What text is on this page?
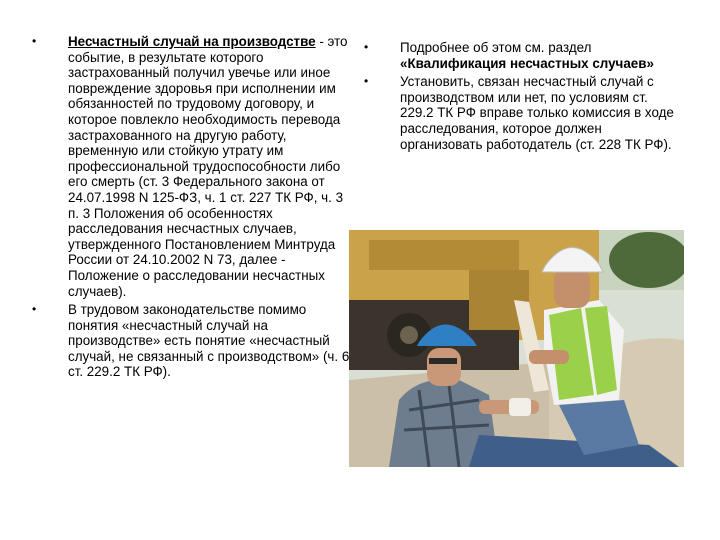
• Несчастный случай на производстве - это событие, в результате которого застрахованный получил увечье или иное повреждение здоровья при исполнении им обязанностей по трудовому договору, и которое повлекло необходимость перевода застрахованного на другую работу, временную или стойкую утрату им профессиональной трудоспособности либо его смерть (ст. 3 Федерального закона от 24.07.1998 N 125-ФЗ, ч. 1 ст. 227 ТК РФ, ч. 3 п. 3 Положения об особенностях расследования несчастных случаев, утвержденного Постановлением Минтруда России от 24.10.2002 N 73, далее - Положение о расследовании несчастных случаев).

• В трудовом законодательстве помимо понятия «несчастный случай на производстве» есть понятие «несчастный случай, не связанный с производством» (ч. 6 ст. 229.2 ТК РФ).

• Подробнее об этом см. раздел «Квалификация несчастных случаев»

• Установить, связан несчастный случай с производством или нет, по условиям ст. 229.2 ТК РФ вправе только комиссия в ходе расследования, которое должен организовать работодатель (ст. 228 ТК РФ).
